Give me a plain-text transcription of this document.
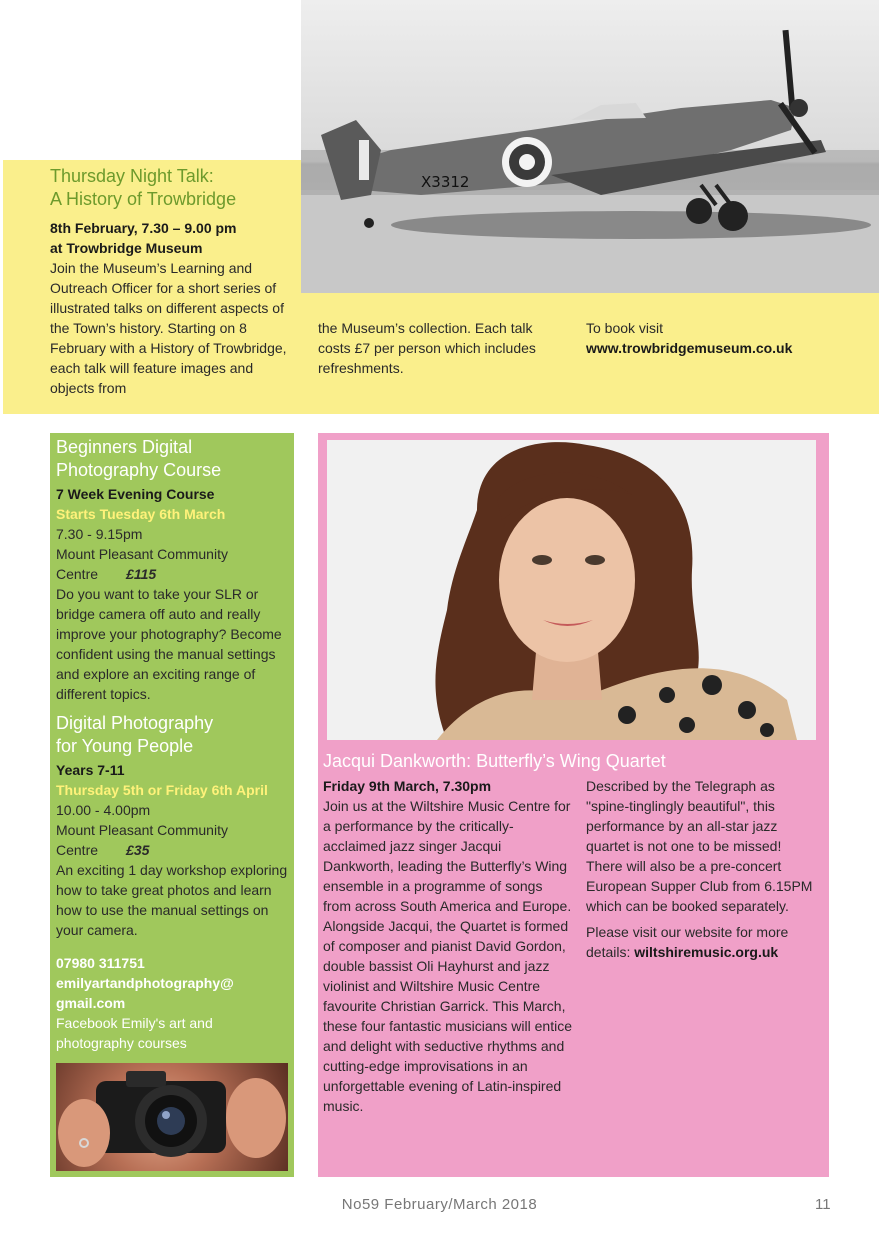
X3312
Thursday Night Talk:
A History of Trowbridge
8th February, 7.30 – 9.00 pm
at Trowbridge Museum

Join the Museum’s Learning and Outreach Officer for a short series of illustrated talks on different aspects of the Town’s history. Starting on 8 February with a History of Trowbridge, each talk will feature images and objects from

the Museum’s collection. Each talk costs £7 per person which includes refreshments.

To book visit
www.trowbridgemuseum.co.uk
Beginners Digital
Photography Course
7 Week Evening Course
Starts Tuesday 6th March
7.30 - 9.15pm
Mount Pleasant Community Centre £115

Do you want to take your SLR or bridge camera off auto and really improve your photography? Become confident using the manual settings and explore an exciting range of different topics.

Digital Photography
for Young People
Years 7-11
Thursday 5th or Friday 6th April
10.00 - 4.00pm
Mount Pleasant Community Centre £35

An exciting 1 day workshop exploring how to take great photos and learn how to use the manual settings on your camera.

07980 311751
emilyartandphotography@
gmail.com
Facebook Emily's art and photography courses
Jacqui Dankworth: Butterfly’s Wing Quartet
Friday 9th March, 7.30pm

Join us at the Wiltshire Music Centre for a performance by the critically-acclaimed jazz singer Jacqui Dankworth, leading the Butterfly’s Wing ensemble in a programme of songs from across South America and Europe. Alongside Jacqui, the Quartet is formed of composer and pianist David Gordon, double bassist Oli Hayhurst and jazz violinist and Wiltshire Music Centre favourite Christian Garrick. This March, these four fantastic musicians will entice and delight with seductive rhythms and cutting-edge improvisations in an unforgettable evening of Latin-inspired music.

Described by the Telegraph as "spine-tinglingly beautiful", this performance by an all-star jazz quartet is not one to be missed! There will also be a pre-concert European Supper Club from 6.15PM which can be booked separately.

Please visit our website for more details: wiltshiremusic.org.uk

No59 February/March 2018	11
